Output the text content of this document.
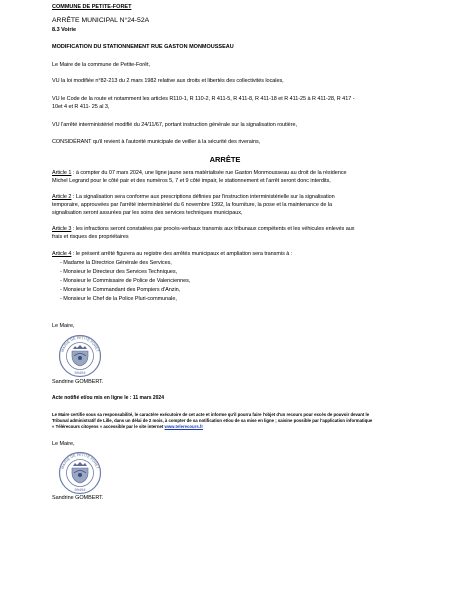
COMMUNE DE PETITE-FORET
ARRÊTE MUNICIPAL N°24-52A
8.3 Voirie
MODIFICATION DU STATIONNEMENT RUE GASTON MONMOUSSEAU
Le Maire de la commune de Petite-Forêt,
VU la loi modifiée n°82-213 du 2 mars 1982 relative aux droits et libertés des collectivités locales,
VU le Code de la route et notamment les articles R110-1, R 110-2, R 411-5, R 411-8, R 411-18 et R 411-25 à R 411-28, R 417 -
10et 4 et R 411- 25 al 3,
VU l'arrêté interministériel modifié du 24/11/67, portant instruction générale sur la signalisation routière,
CONSIDÉRANT qu'il revient à l'autorité municipale de veiller à la sécurité des riverains,
ARRÊTE
Article 1 : à compter du 07 mars 2024, une ligne jaune sera matérialisée rue Gaston Monmousseau au droit de la résidence
Michel Legrand pour le côté pair et des numéros 5, 7 et 9 côté impair, le stationnement et l'arrêt seront donc interdits,
Article 2 : La signalisation sera conforme aux prescriptions définies par l'instruction interministérielle sur la signalisation
temporaire, approuvées par l'arrêté interministériel du 6 novembre 1992, la fourniture, la pose et la maintenance de la
signalisation seront assurées par les soins des services techniques municipaux,
Article 3 : les infractions seront constatées par procès-verbaux transmis aux tribunaux compétents et les véhicules enlevés aux
frais et risques des propriétaires
Article 4 : le présent arrêté figurera au registre des arrêtés municipaux et ampliation sera transmis à :
- Madame la Directrice Générale des Services,
- Monsieur le Directeur des Services Techniques,
- Monsieur le Commissaire de Police de Valenciennes,
- Monsieur le Commandant des Pompiers d'Anzin,
- Monsieur le Chef de la Police Pluri-communale,
Le Maire,
59494
MAIRIE DE PETITE FORET
Sandrine GOMBERT.
Acte notifié et/ou mis en ligne le : 11 mars 2024
Le Maire certifie sous sa responsabilité, le caractère exécutoire de cet acte et informe qu'il pourra faire l'objet d'un recours pour excès de pouvoir devant le
Tribunal administratif de Lille, dans un délai de 2 mois, à compter de sa notification et/ou de sa mise en ligne ; saisine possible par l'application informatique
« Télérecours citoyens » accessible par le site internet www.telerecours.fr
Le Maire,
59494
MAIRIE DE PETITE FORET
Sandrine GOMBERT.
